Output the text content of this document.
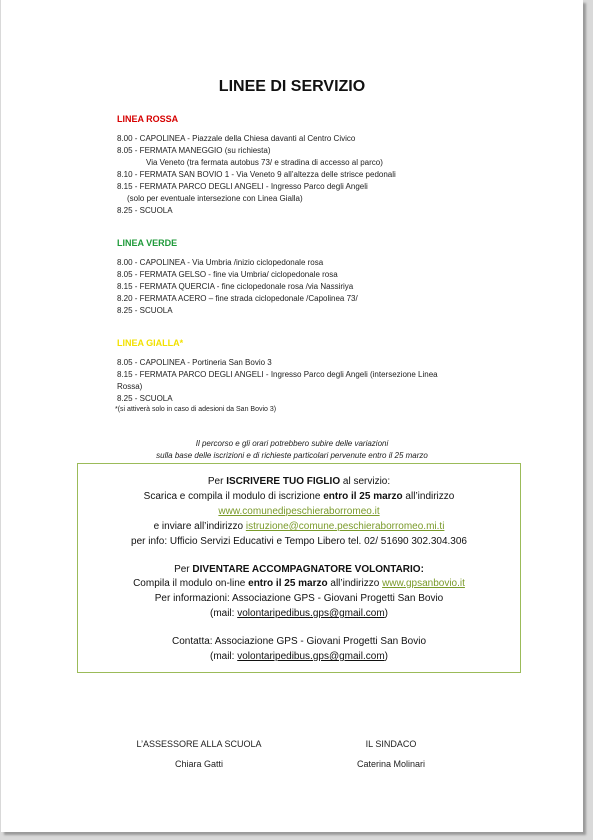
LINEE DI SERVIZIO
LINEA ROSSA
8.00 - CAPOLINEA - Piazzale della Chiesa davanti al Centro Civico
8.05 - FERMATA MANEGGIO (su richiesta)
Via Veneto (tra fermata autobus 73/ e stradina di accesso al parco)
8.10 - FERMATA SAN BOVIO 1 - Via Veneto 9 all’altezza delle strisce pedonali
8.15 - FERMATA PARCO DEGLI ANGELI - Ingresso Parco degli Angeli
(solo per eventuale intersezione con Linea Gialla)
8.25 - SCUOLA
LINEA VERDE
8.00 - CAPOLINEA - Via Umbria /inizio ciclopedonale rosa
8.05 - FERMATA GELSO - fine via Umbria/ ciclopedonale rosa
8.15 - FERMATA QUERCIA - fine ciclopedonale rosa /via Nassiriya
8.20 - FERMATA ACERO – fine strada ciclopedonale /Capolinea 73/
8.25 - SCUOLA
LINEA GIALLA*
8.05 - CAPOLINEA - Portineria San Bovio 3
8.15 - FERMATA PARCO DEGLI ANGELI - Ingresso Parco degli Angeli (intersezione Linea
Rossa)
8.25 - SCUOLA
*(si attiverà solo in caso di adesioni da San Bovio 3)
Il percorso e gli orari potrebbero subire delle variazioni
sulla base delle iscrizioni e di richieste particolari pervenute entro il 25 marzo
Per ISCRIVERE TUO FIGLIO al servizio:
Scarica e compila il modulo di iscrizione entro il 25 marzo all’indirizzo
www.comunedipeschieraborromeo.it
e inviare all’indirizzo istruzione@comune.peschieraborromeo.mi.ti
per info: Ufficio Servizi Educativi e Tempo Libero tel. 02/ 51690 302.304.306
Per DIVENTARE ACCOMPAGNATORE VOLONTARIO:
Compila il modulo on-line entro il 25 marzo all’indirizzo www.gpsanbovio.it
Per informazioni: Associazione GPS - Giovani Progetti San Bovio
(mail: volontaripedibus.gps@gmail.com)
Contatta: Associazione GPS - Giovani Progetti San Bovio
(mail: volontaripedibus.gps@gmail.com)
L’ASSESSORE ALLA SCUOLA
Chiara Gatti
IL SINDACO
Caterina Molinari
